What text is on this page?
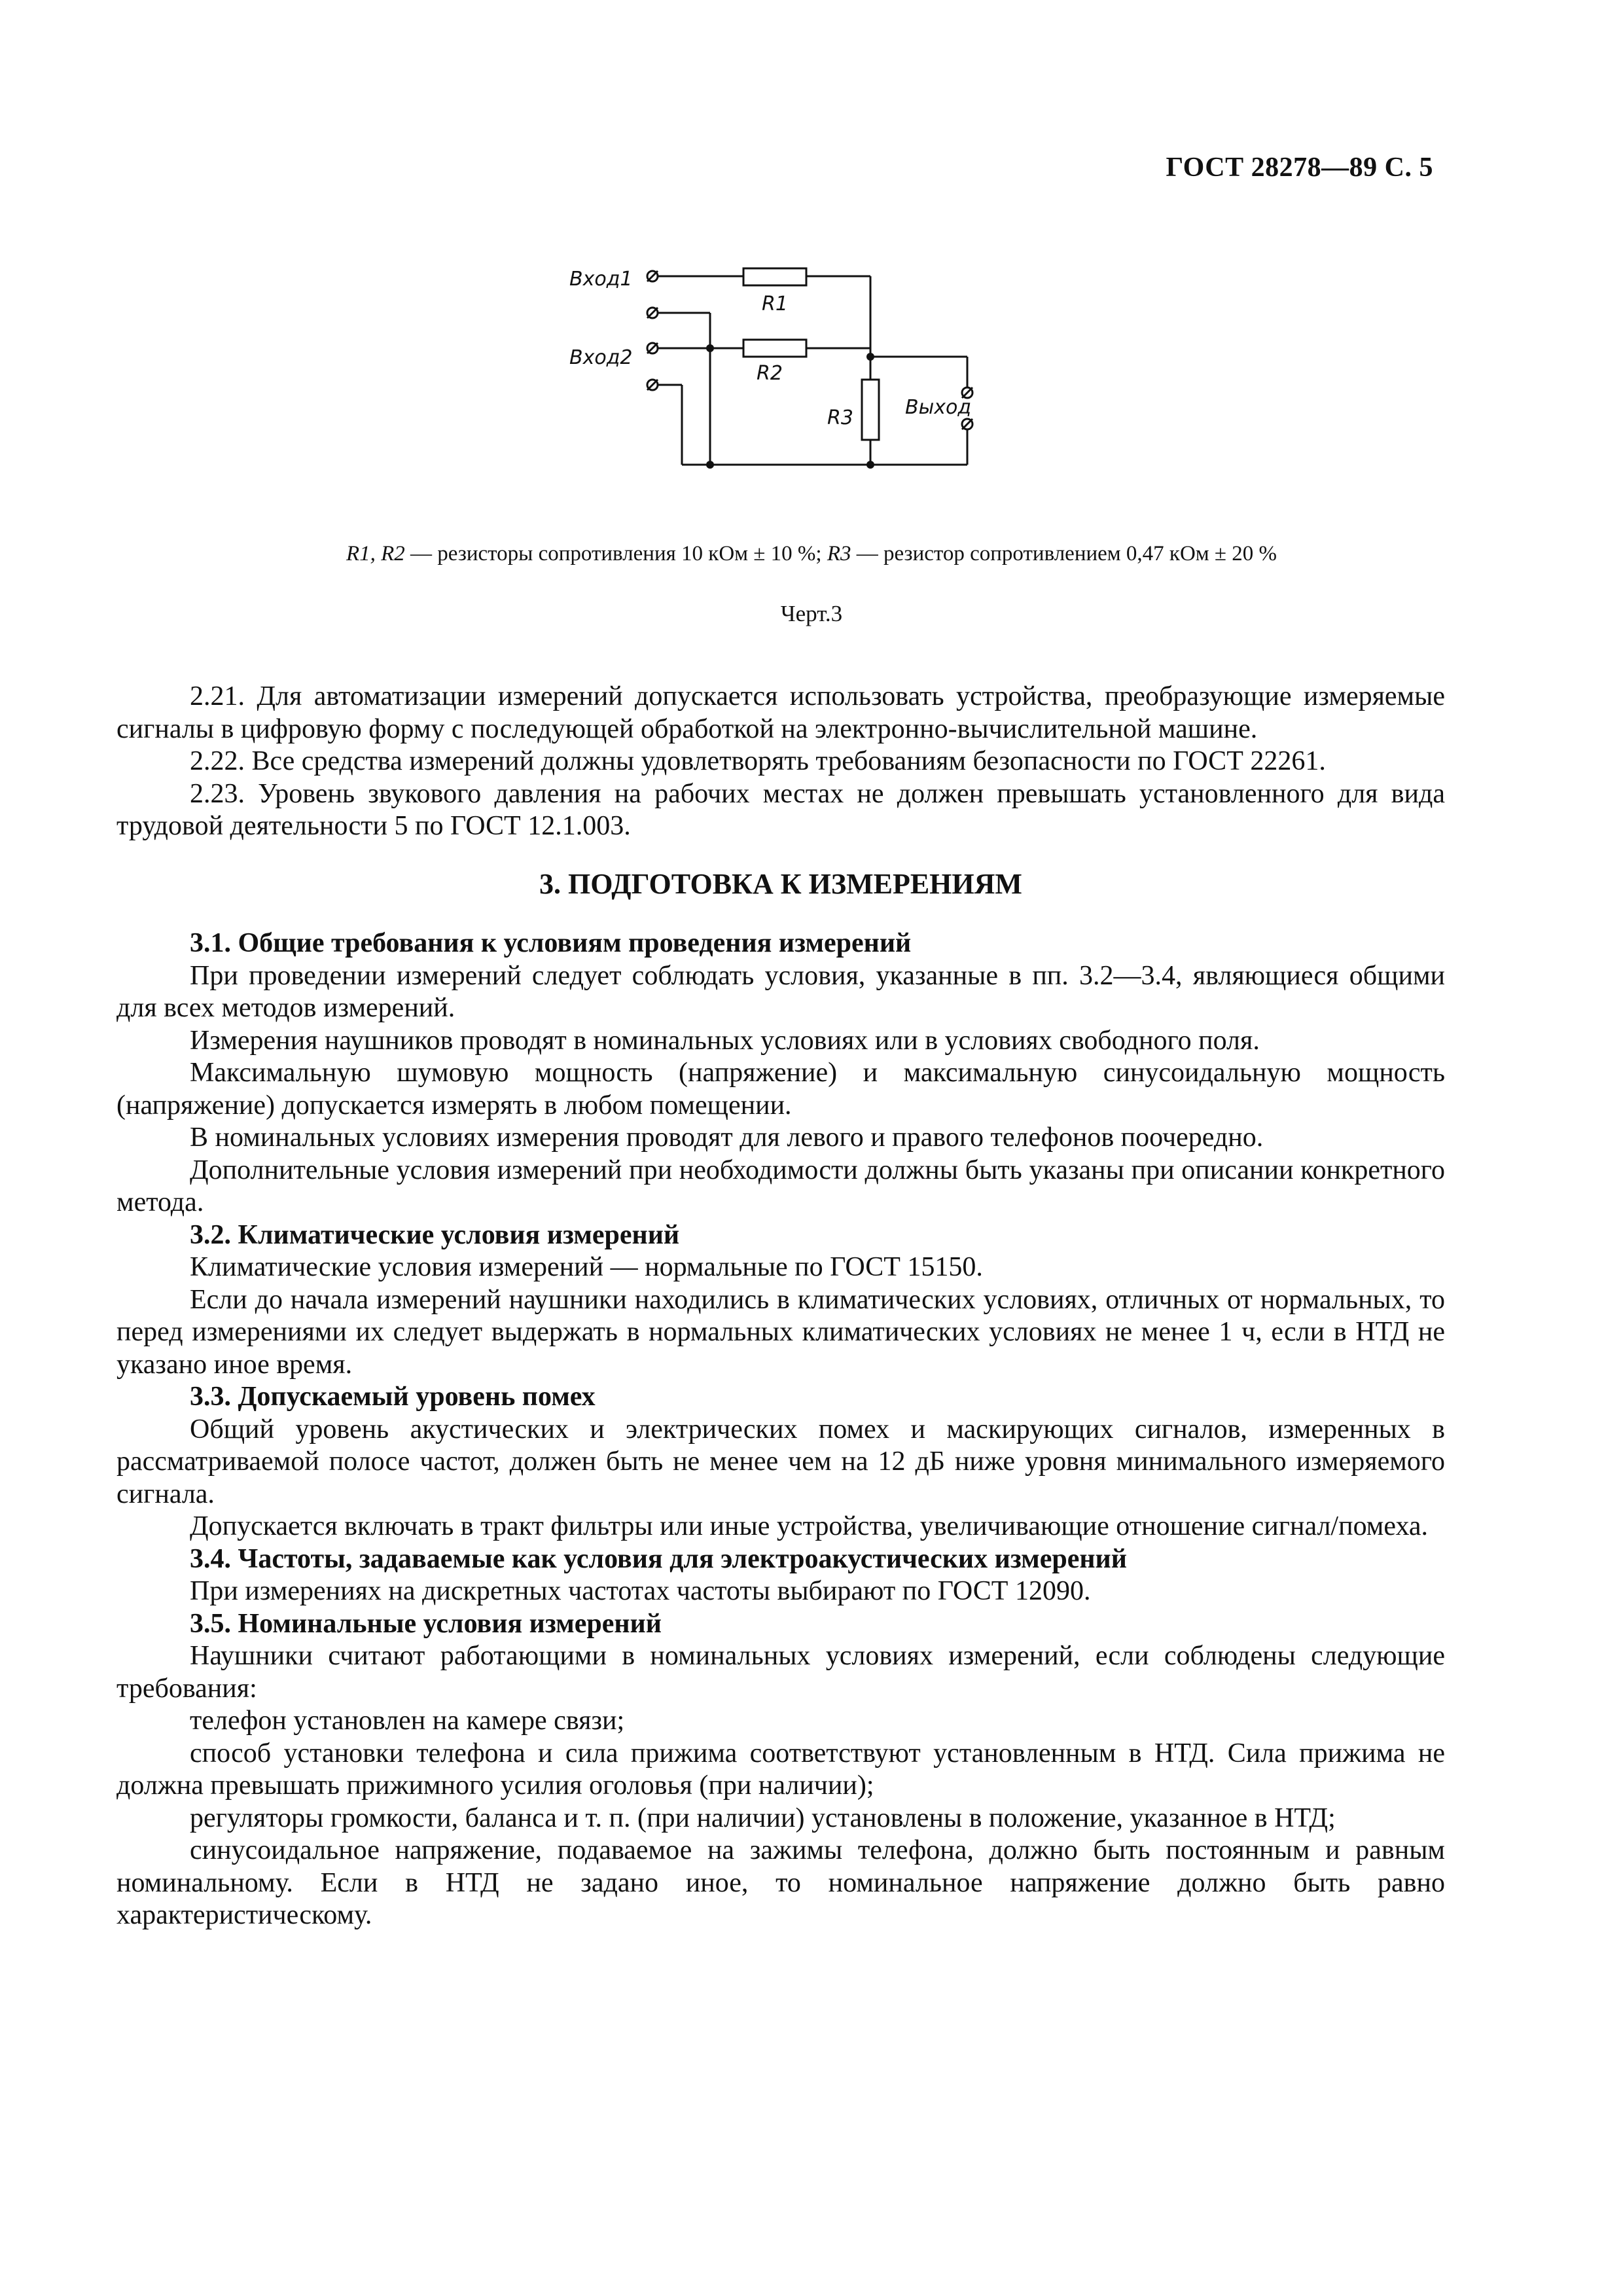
ГОСТ 28278—89 С. 5
Вход1
Вход2
R1
R2
R3	Выход
R1, R2 — резисторы сопротивления 10 кОм ± 10 %; R3 — резистор сопротивлением 0,47 кОм ± 20 %
Черт.3

2.21. Для автоматизации измерений допускается использовать устройства, преобразующие измеряемые сигналы в цифровую форму с последующей обработкой на электронно-вычислительной машине.

2.22. Все средства измерений должны удовлетворять требованиям безопасности по ГОСТ 22261.

2.23. Уровень звукового давления на рабочих местах не должен превышать установленного для вида трудовой деятельности 5 по ГОСТ 12.1.003.

3. ПОДГОТОВКА К ИЗМЕРЕНИЯМ

3.1. Общие требования к условиям проведения измерений

При проведении измерений следует соблюдать условия, указанные в пп. 3.2—3.4, являющиеся общими для всех методов измерений.

Измерения наушников проводят в номинальных условиях или в условиях свободного поля.

Максимальную шумовую мощность (напряжение) и максимальную синусоидальную мощность (напряжение) допускается измерять в любом помещении.

В номинальных условиях измерения проводят для левого и правого телефонов поочередно.

Дополнительные условия измерений при необходимости должны быть указаны при описании конкретного метода.

3.2. Климатические условия измерений

Климатические условия измерений — нормальные по ГОСТ 15150.

Если до начала измерений наушники находились в климатических условиях, отличных от нормальных, то перед измерениями их следует выдержать в нормальных климатических условиях не менее 1 ч, если в НТД не указано иное время.

3.3. Допускаемый уровень помех

Общий уровень акустических и электрических помех и маскирующих сигналов, измеренных в рассматриваемой полосе частот, должен быть не менее чем на 12 дБ ниже уровня минимального измеряемого сигнала.

Допускается включать в тракт фильтры или иные устройства, увеличивающие отношение сигнал/помеха.

3.4. Частоты, задаваемые как условия для электроакустических измерений

При измерениях на дискретных частотах частоты выбирают по ГОСТ 12090.

3.5. Номинальные условия измерений

Наушники считают работающими в номинальных условиях измерений, если соблюдены следующие требования:

телефон установлен на камере связи;

способ установки телефона и сила прижима соответствуют установленным в НТД. Сила прижима не должна превышать прижимного усилия оголовья (при наличии);

регуляторы громкости, баланса и т. п. (при наличии) установлены в положение, указанное в НТД;

синусоидальное напряжение, подаваемое на зажимы телефона, должно быть постоянным и равным номинальному. Если в НТД не задано иное, то номинальное напряжение должно быть равно характеристическому.
